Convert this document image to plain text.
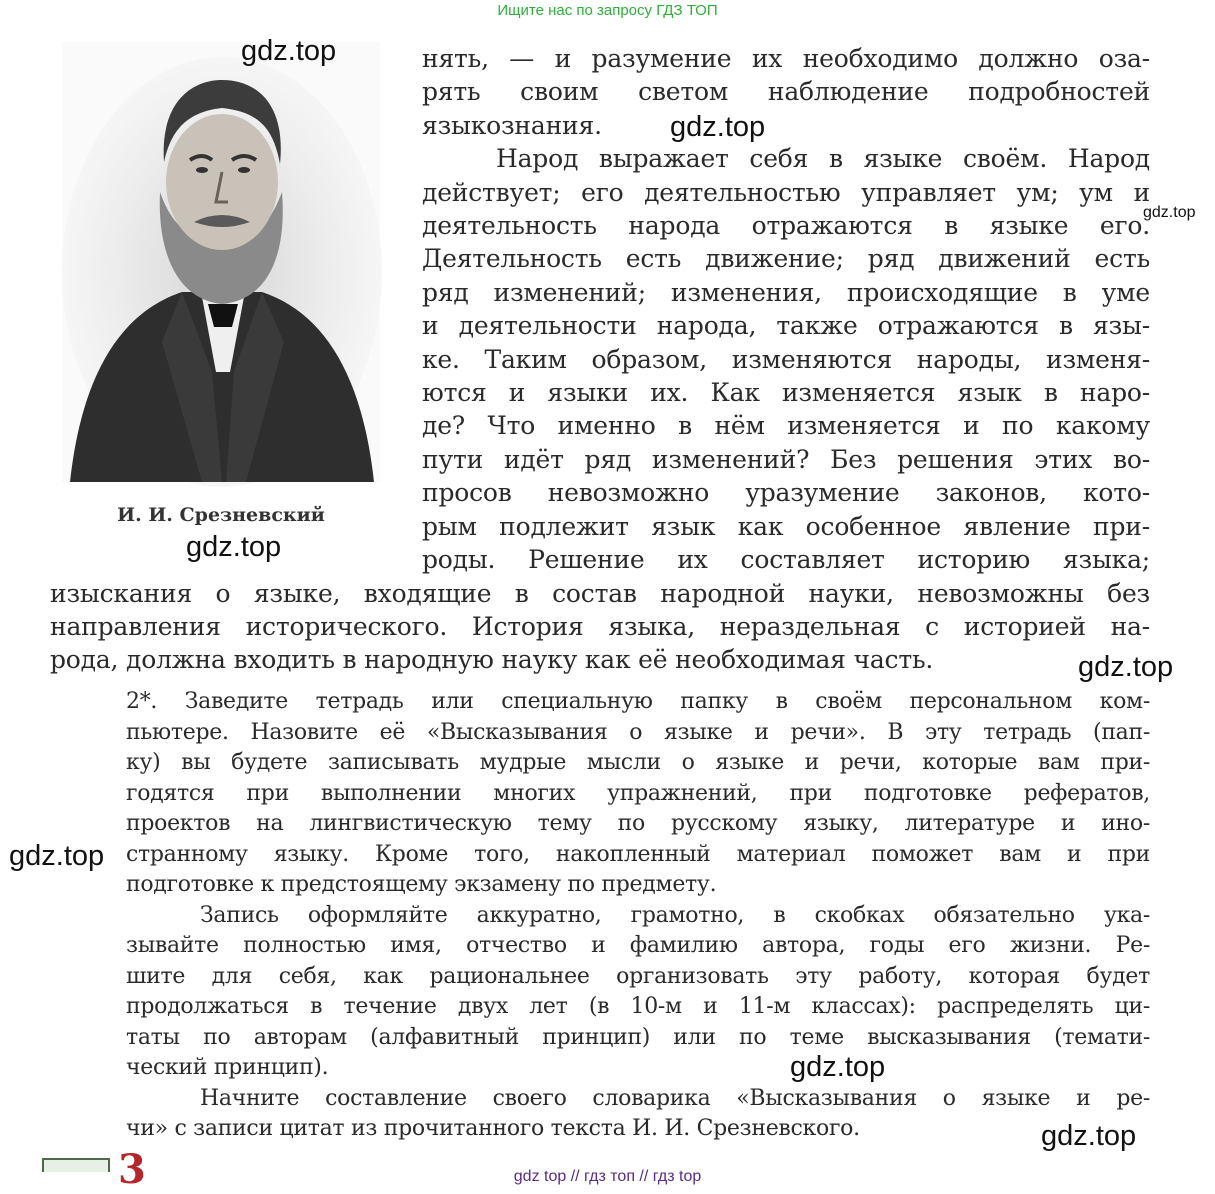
Ищите нас по запросу ГДЗ ТОП
И. И. Срезневский
нять, — и разумение их необходимо должно оза-
рять своим светом наблюдение подробностей
языкознания.
Народ выражает себя в языке своём. Народ
действует; его деятельностью управляет ум; ум и
деятельность народа отражаются в языке его.
Деятельность есть движение; ряд движений есть
ряд изменений; изменения, происходящие в уме
и деятельности народа, также отражаются в язы-
ке. Таким образом, изменяются народы, изменя-
ются и языки их. Как изменяется язык в наро-
де? Что именно в нём изменяется и по какому
пути идёт ряд изменений? Без решения этих во-
просов невозможно уразумение законов, кото-
рым подлежит язык как особенное явление при-
роды. Решение их составляет историю языка;
изыскания о языке, входящие в состав народной науки, невозможны без
направления исторического. История языка, нераздельная с историей на-
рода, должна входить в народную науку как её необходимая часть.
2*. Заведите тетрадь или специальную папку в своём персональном ком-
пьютере. Назовите её «Высказывания о языке и речи». В эту тетрадь (пап-
ку) вы будете записывать мудрые мысли о языке и речи, которые вам при-
годятся при выполнении многих упражнений, при подготовке рефератов,
проектов на лингвистическую тему по русскому языку, литературе и ино-
странному языку. Кроме того, накопленный материал поможет вам и при
подготовке к предстоящему экзамену по предмету.
Запись оформляйте аккуратно, грамотно, в скобках обязательно ука-
зывайте полностью имя, отчество и фамилию автора, годы его жизни. Ре-
шите для себя, как рациональнее организовать эту работу, которая будет
продолжаться в течение двух лет (в 10-м и 11-м классах): распределять ци-
таты по авторам (алфавитный принцип) или по теме высказывания (темати-
ческий принцип).
Начните составление своего словарика «Высказывания о языке и ре-
чи» с записи цитат из прочитанного текста И. И. Срезневского.
gdz.top
gdz.top
gdz.top
gdz.top
gdz.top
gdz.top
gdz.top
gdz.top
3	gdz top // гдз топ // гдз top
